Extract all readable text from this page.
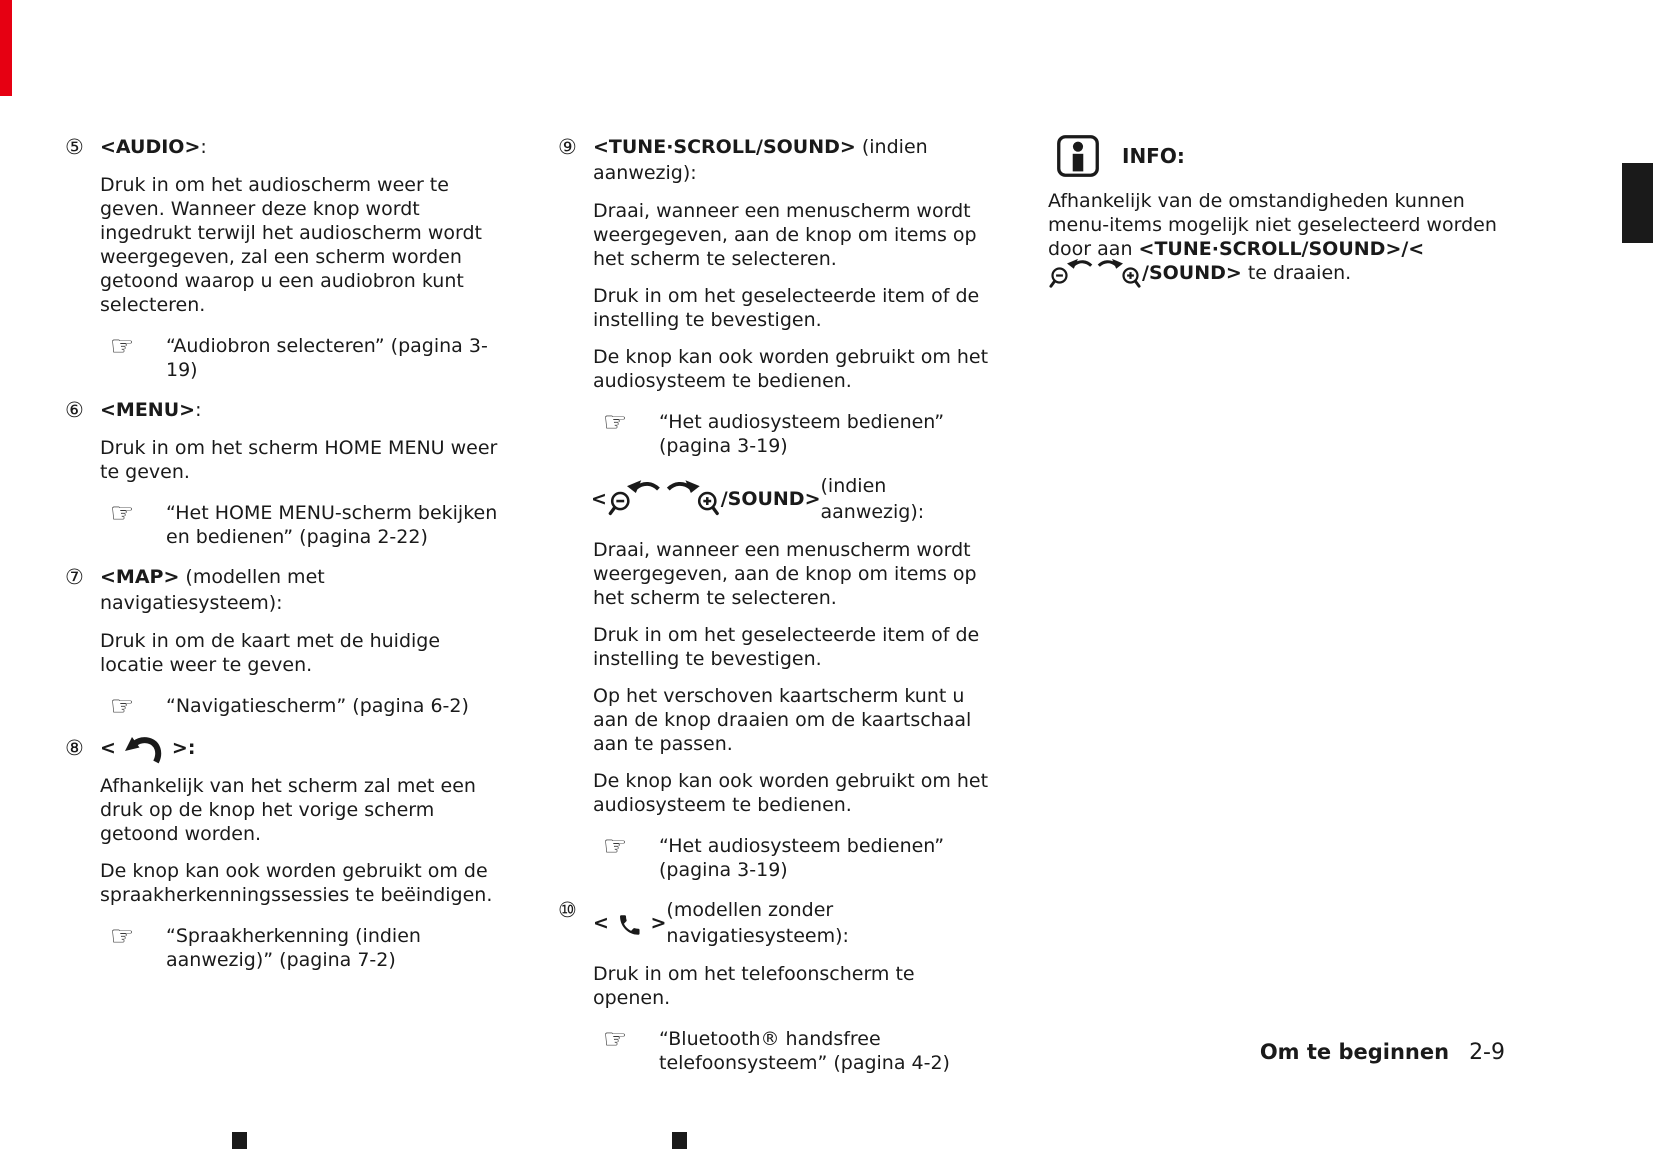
⑤ <AUDIO>:

Druk in om het audioscherm weer te geven. Wanneer deze knop wordt ingedrukt terwijl het audioscherm wordt weergegeven, zal een scherm worden getoond waarop u een audiobron kunt selecteren.

☞	“Audiobron selecteren” (pagina 3-19)
⑥ <MENU>:

Druk in om het scherm HOME MENU weer te geven.

☞	“Het HOME MENU-scherm bekijken en bedienen” (pagina 2-22)
⑦ <MAP> (modellen met navigatiesysteem):

Druk in om de kaart met de huidige locatie weer te geven.

☞	“Navigatiescherm” (pagina 6-2)
⑧ <	>:

Afhankelijk van het scherm zal met een druk op de knop het vorige scherm getoond worden.

De knop kan ook worden gebruikt om de spraakherkenningssessies te beëindigen.

☞	“Spraakherkenning (indien aanwezig)” (pagina 7-2)
⑨ <TUNE·SCROLL/SOUND> (indien aanwezig):

Draai, wanneer een menuscherm wordt weergegeven, aan de knop om items op het scherm te selecteren.

Druk in om het geselecteerde item of de instelling te bevestigen.

De knop kan ook worden gebruikt om het audiosysteem te bedienen.

☞	“Het audiosysteem bedienen” (pagina 3-19)
<	/SOUND>
(indien aanwezig):

Draai, wanneer een menuscherm wordt weergegeven, aan de knop om items op het scherm te selecteren.

Druk in om het geselecteerde item of de instelling te bevestigen.

Op het verschoven kaartscherm kunt u aan de knop draaien om de kaartschaal aan te passen.

De knop kan ook worden gebruikt om het audiosysteem te bedienen.

☞	“Het audiosysteem bedienen” (pagina 3-19)
⑩
< >
(modellen zonder navigatiesysteem):

Druk in om het telefoonscherm te openen.

☞	“Bluetooth® handsfree telefoonsysteem” (pagina 4-2)
INFO:
Afhankelijk van de omstandigheden kunnen menu-items mogelijk niet geselecteerd worden door aan <TUNE·SCROLL/SOUND>/<
/SOUND> te draaien.
Om te beginnen 2-9
